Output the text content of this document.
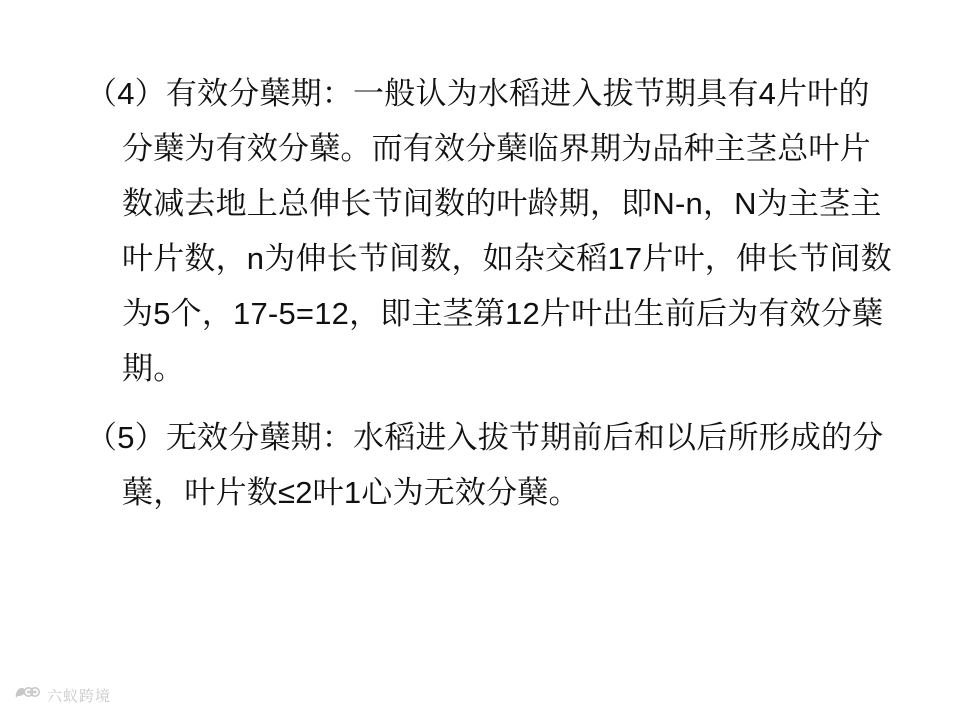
（4）有效分蘖期：一般认为水稻进入拔节期具有4片叶的分蘖为有效分蘖。而有效分蘖临界期为品种主茎总叶片数减去地上总伸长节间数的叶龄期，即N-n，N为主茎主叶片数，n为伸长节间数，如杂交稻17片叶，伸长节间数为5个，17-5=12，即主茎第12片叶出生前后为有效分蘖期。

（5）无效分蘖期：水稻进入拔节期前后和以后所形成的分蘖，叶片数≤2叶1心为无效分蘖。

六蚁跨境
